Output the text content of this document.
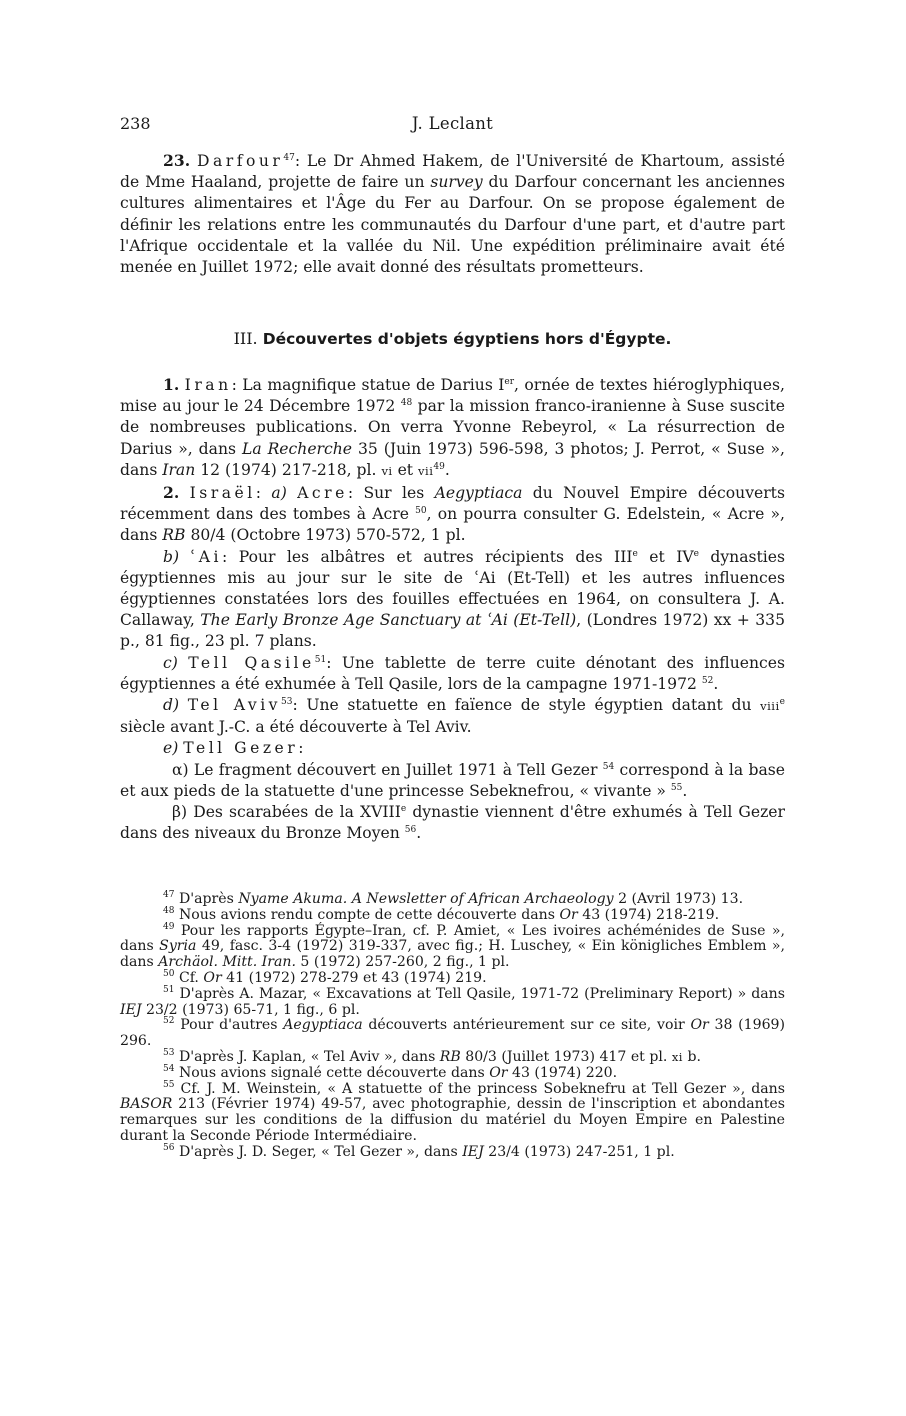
238	J. Leclant

23. Darfour$^{47}$: Le Dr Ahmed Hakem, de l'Université de Khartoum, assisté de Mme Haaland, projette de faire un survey du Darfour concernant les anciennes cultures alimentaires et l'Âge du Fer au Darfour. On se propose également de définir les relations entre les communautés du Darfour d'une part, et d'autre part l'Afrique occidentale et la vallée du Nil. Une expédition préliminaire avait été menée en Juillet 1972; elle avait donné des résultats prometteurs.

III. Découvertes d'objets égyptiens hors d'Égypte.

1. Iran: La magnifique statue de Darius Ier, ornée de textes hiéroglyphiques, mise au jour le 24 Décembre 1972 $^{48}$ par la mission franco-iranienne à Suse suscite de nombreuses publications. On verra Yvonne Rebeyrol, « La résurrection de Darius », dans La Recherche 35 (Juin 1973) 596-598, 3 photos; J. Perrot, « Suse », dans Iran 12 (1974) 217-218, pl. vi et vii$^{49}$.

2. Israël: a) Acre: Sur les Aegyptiaca du Nouvel Empire découverts récemment dans des tombes à Acre $^{50}$, on pourra consulter G. Edelstein, « Acre », dans RB 80/4 (Octobre 1973) 570-572, 1 pl.

b) ʿAi: Pour les albâtres et autres récipients des IIIe et IVe dynasties égyptiennes mis au jour sur le site de ʿAi (Et-Tell) et les autres influences égyptiennes constatées lors des fouilles effectuées en 1964, on consultera J. A. Callaway, The Early Bronze Age Sanctuary at ʿAi (Et-Tell), (Londres 1972) xx + 335 p., 81 fig., 23 pl. 7 plans.

c) Tell Qasile$^{51}$: Une tablette de terre cuite dénotant des influences égyptiennes a été exhumée à Tell Qasile, lors de la campagne 1971-1972 $^{52}$.

d) Tel Aviv$^{53}$: Une statuette en faïence de style égyptien datant du viii$^e$ siècle avant J.-C. a été découverte à Tel Aviv.

e) Tell Gezer:

α) Le fragment découvert en Juillet 1971 à Tell Gezer $^{54}$ correspond à la base et aux pieds de la statuette d'une princesse Sebeknefrou, « vivante » $^{55}$.

β) Des scarabées de la XVIIIe dynastie viennent d'être exhumés à Tell Gezer dans des niveaux du Bronze Moyen $^{56}$.

$^{47}$ D'après Nyame Akuma. A Newsletter of African Archaeology 2 (Avril 1973) 13.

$^{48}$ Nous avions rendu compte de cette découverte dans Or 43 (1974) 218-219.

$^{49}$ Pour les rapports Égypte–Iran, cf. P. Amiet, « Les ivoires achéménides de Suse », dans Syria 49, fasc. 3-4 (1972) 319-337, avec fig.; H. Luschey, « Ein königliches Emblem », dans Archäol. Mitt. Iran. 5 (1972) 257-260, 2 fig., 1 pl.

$^{50}$ Cf. Or 41 (1972) 278-279 et 43 (1974) 219.

$^{51}$ D'après A. Mazar, « Excavations at Tell Qasile, 1971-72 (Preliminary Report) » dans IEJ 23/2 (1973) 65-71, 1 fig., 6 pl.

$^{52}$ Pour d'autres Aegyptiaca découverts antérieurement sur ce site, voir Or 38 (1969) 296.

$^{53}$ D'après J. Kaplan, « Tel Aviv », dans RB 80/3 (Juillet 1973) 417 et pl. xi b.

$^{54}$ Nous avions signalé cette découverte dans Or 43 (1974) 220.

$^{55}$ Cf. J. M. Weinstein, « A statuette of the princess Sobeknefru at Tell Gezer », dans BASOR 213 (Février 1974) 49-57, avec photographie, dessin de l'inscription et abondantes remarques sur les conditions de la diffusion du matériel du Moyen Empire en Palestine durant la Seconde Période Intermédiaire.

$^{56}$ D'après J. D. Seger, « Tel Gezer », dans IEJ 23/4 (1973) 247-251, 1 pl.
